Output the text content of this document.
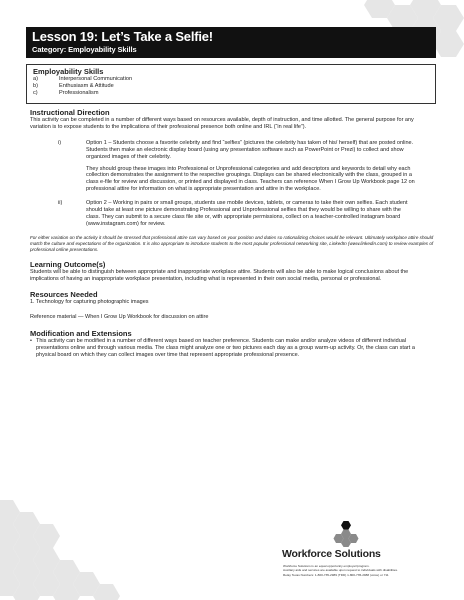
Lesson 19: Let’s Take a Selfie!
Category: Employability Skills
Employability Skills
a)	Interpersonal Communication
b)	Enthusiasm & Attitude
c)	Professionalism
Instructional Direction

This activity can be completed in a number of different ways based on resources available, depth of instruction, and time allotted. The general purpose for any variation is to expose students to the implications of their professional presence both online and IRL (“in real life”).

i)	Option 1 – Students choose a favorite celebrity and find “selfies” (pictures the celebrity has taken of his/ herself) that are posted online. Students then make an electronic display board (using any presentation software such as PowerPoint or Prezi) to collect and show organized images of their celebrity.

They should group these images into Professional or Unprofessional categories and add descriptors and keywords to detail why each collection demonstrates the assignment to the respective groupings. Displays can be shared electronically with the class, grouped in a class e-file for review and discussion, or printed and displayed in class. Teachers can reference When I Grow Up Workbook page 12 on professional attire for information on what is appropriate presentation and attire in the workplace.

ii)	Option 2 – Working in pairs or small groups, students use mobile devices, tablets, or cameras to take their own selfies. Each student should take at least one picture demonstrating Professional and Unprofessional selfies that they would be willing to share with the class. They can submit to a secure class file site or, with appropriate permissions, collect on a teacher-controlled instagram board (www.instagram.com) for review.

For either variation on the activity it should be stressed that professional attire can vary based on your position and duties so rationalizing choices would be relevant. Ultimately workplace attire should match the culture and expectations of the organization. It is also appropriate to introduce students to the most popular professional networking site, LinkedIn (www.linkedin.com) to review examples of professional online presentations.
Learning Outcome(s)

Students will be able to distinguish between appropriate and inappropriate workplace attire. Students will also be able to make logical conclusions about the implications of having an inappropriate workplace presentation, including what is represented in their own social media, personal or professional.

Resources Needed

1. Technology for capturing photographic images

Reference material — When I Grow Up Workbook for discussion on attire

Modification and Extensions
• This activity can be modified in a number of different ways based on teacher preference. Students can make and/or analyze videos of different individual presentations online and through various media. The class might analyze one or two pictures each day as a group warm-up activity. Or, the class can start a physical board on which they can collect images over time that represent appropriate professional presence.

Workforce Solutions
Workforce Solutions is an equal opportunity employer/program.
Auxiliary aids and services are available upon request to individuals with disabilities.
Relay Texas Numbers: 1-800-735-2989 (TDD) 1-800-735-2988 (voice) or 711
